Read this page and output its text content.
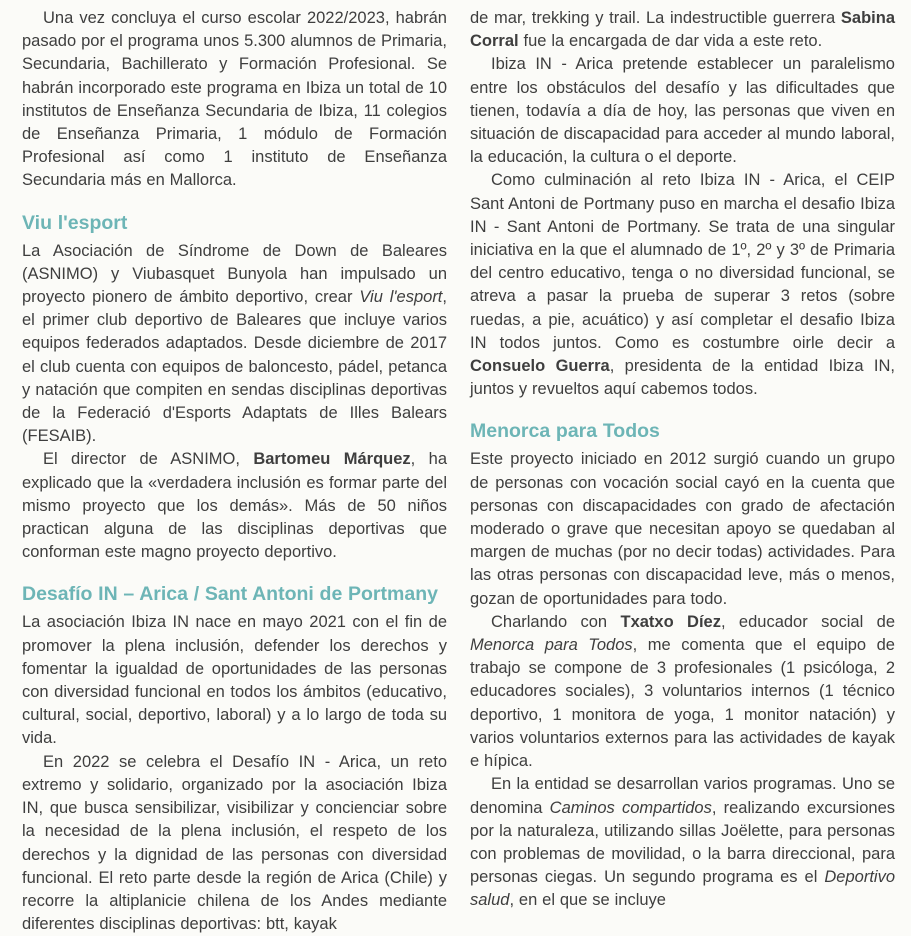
Una vez concluya el curso escolar 2022/2023, habrán pasado por el programa unos 5.300 alumnos de Primaria, Secundaria, Bachillerato y Formación Profesional. Se habrán incorporado este programa en Ibiza un total de 10 institutos de Enseñanza Secundaria de Ibiza, 11 colegios de Enseñanza Primaria, 1 módulo de Formación Profesional así como 1 instituto de Enseñanza Secundaria más en Mallorca.

Viu l'esport

La Asociación de Síndrome de Down de Baleares (ASNIMO) y Viubasquet Bunyola han impulsado un proyecto pionero de ámbito deportivo, crear Viu l'esport, el primer club deportivo de Baleares que incluye varios equipos federados adaptados. Desde diciembre de 2017 el club cuenta con equipos de baloncesto, pádel, petanca y natación que compiten en sendas disciplinas deportivas de la Federació d'Esports Adaptats de Illes Balears (FESAIB).

El director de ASNIMO, Bartomeu Márquez, ha explicado que la «verdadera inclusión es formar parte del mismo proyecto que los demás». Más de 50 niños practican alguna de las disciplinas deportivas que conforman este magno proyecto deportivo.

Desafío IN – Arica / Sant Antoni de Portmany

La asociación Ibiza IN nace en mayo 2021 con el fin de promover la plena inclusión, defender los derechos y fomentar la igualdad de oportunidades de las personas con diversidad funcional en todos los ámbitos (educativo, cultural, social, deportivo, laboral) y a lo largo de toda su vida.

En 2022 se celebra el Desafío IN - Arica, un reto extremo y solidario, organizado por la asociación Ibiza IN, que busca sensibilizar, visibilizar y concienciar sobre la necesidad de la plena inclusión, el respeto de los derechos y la dignidad de las personas con diversidad funcional. El reto parte desde la región de Arica (Chile) y recorre la altiplanicie chilena de los Andes mediante diferentes disciplinas deportivas: btt, kayak

de mar, trekking y trail. La indestructible guerrera Sabina Corral fue la encargada de dar vida a este reto.

Ibiza IN - Arica pretende establecer un paralelismo entre los obstáculos del desafío y las dificultades que tienen, todavía a día de hoy, las personas que viven en situación de discapacidad para acceder al mundo laboral, la educación, la cultura o el deporte.

Como culminación al reto Ibiza IN - Arica, el CEIP Sant Antoni de Portmany puso en marcha el desafio Ibiza IN - Sant Antoni de Portmany. Se trata de una singular iniciativa en la que el alumnado de 1º, 2º y 3º de Primaria del centro educativo, tenga o no diversidad funcional, se atreva a pasar la prueba de superar 3 retos (sobre ruedas, a pie, acuático) y así completar el desafio Ibiza IN todos juntos. Como es costumbre oirle decir a Consuelo Guerra, presidenta de la entidad Ibiza IN, juntos y revueltos aquí cabemos todos.

Menorca para Todos

Este proyecto iniciado en 2012 surgió cuando un grupo de personas con vocación social cayó en la cuenta que personas con discapacidades con grado de afectación moderado o grave que necesitan apoyo se quedaban al margen de muchas (por no decir todas) actividades. Para las otras personas con discapacidad leve, más o menos, gozan de oportunidades para todo.

Charlando con Txatxo Díez, educador social de Menorca para Todos, me comenta que el equipo de trabajo se compone de 3 profesionales (1 psicóloga, 2 educadores sociales), 3 voluntarios internos (1 técnico deportivo, 1 monitora de yoga, 1 monitor natación) y varios voluntarios externos para las actividades de kayak e hípica.

En la entidad se desarrollan varios programas. Uno se denomina Caminos compartidos, realizando excursiones por la naturaleza, utilizando sillas Joëlette, para personas con problemas de movilidad, o la barra direccional, para personas ciegas. Un segundo programa es el Deportivo salud, en el que se incluye
